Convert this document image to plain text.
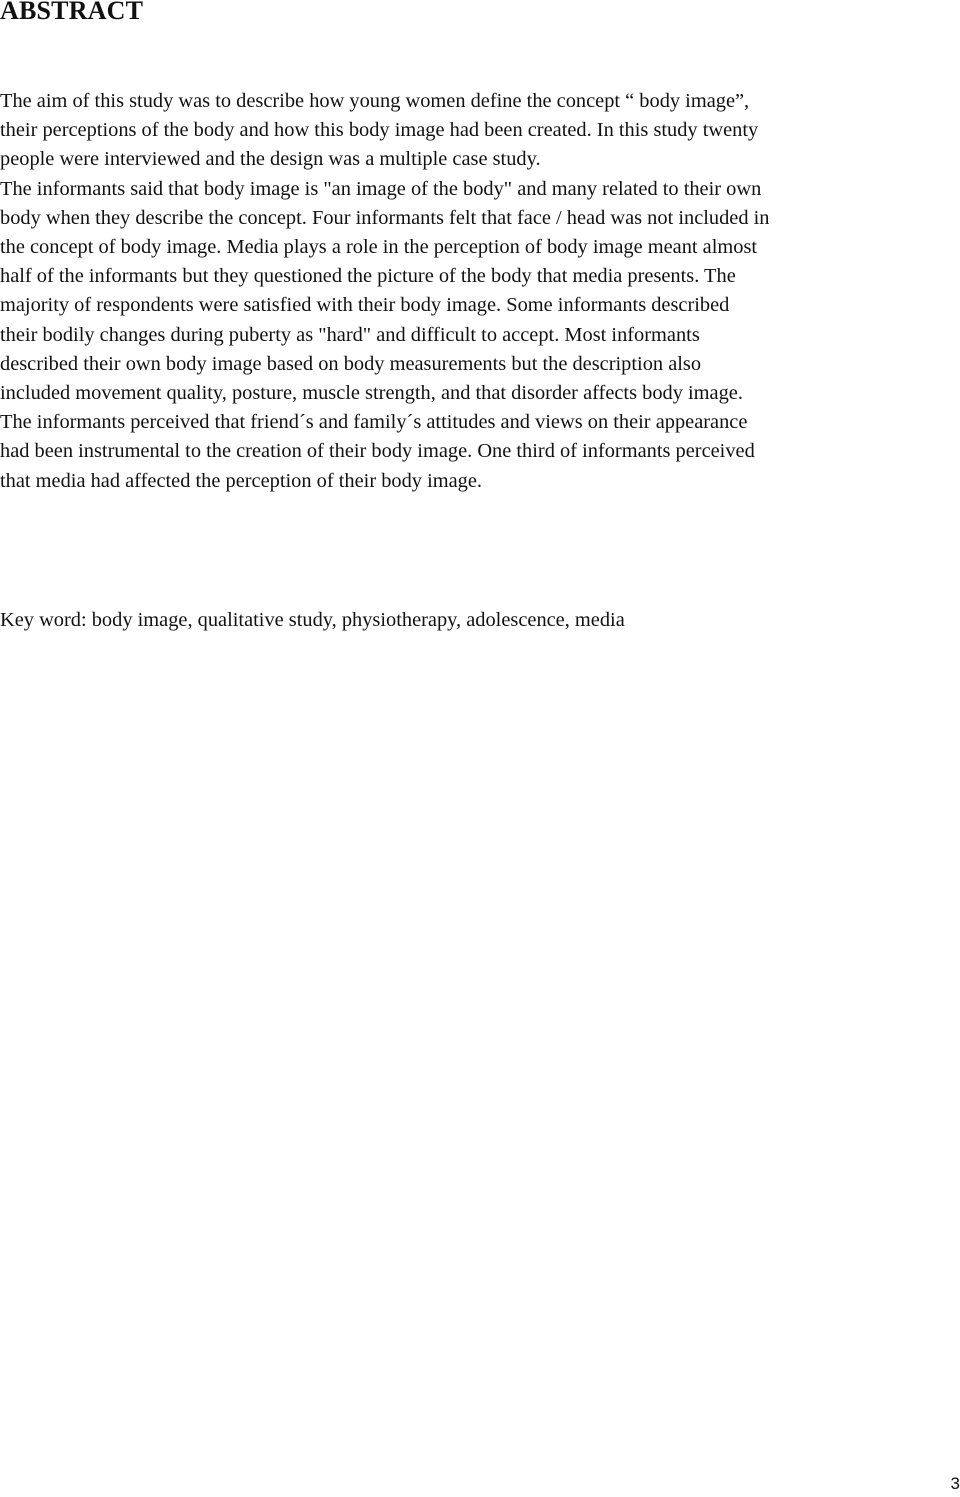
ABSTRACT

The aim of this study was to describe how young women define the concept “ body image”,
their perceptions of the body and how this body image had been created. In this study twenty
people were interviewed and the design was a multiple case study.
The informants said that body image is "an image of the body" and many related to their own
body when they describe the concept. Four informants felt that face / head was not included in
the concept of body image. Media plays a role in the perception of body image meant almost
half of the informants but they questioned the picture of the body that media presents. The
majority of respondents were satisfied with their body image. Some informants described
their bodily changes during puberty as "hard" and difficult to accept. Most informants
described their own body image based on body measurements but the description also
included movement quality, posture, muscle strength, and that disorder affects body image.
The informants perceived that friend´s and family´s attitudes and views on their appearance
had been instrumental to the creation of their body image. One third of informants perceived
that media had affected the perception of their body image.

Key word: body image, qualitative study, physiotherapy, adolescence, media

3
